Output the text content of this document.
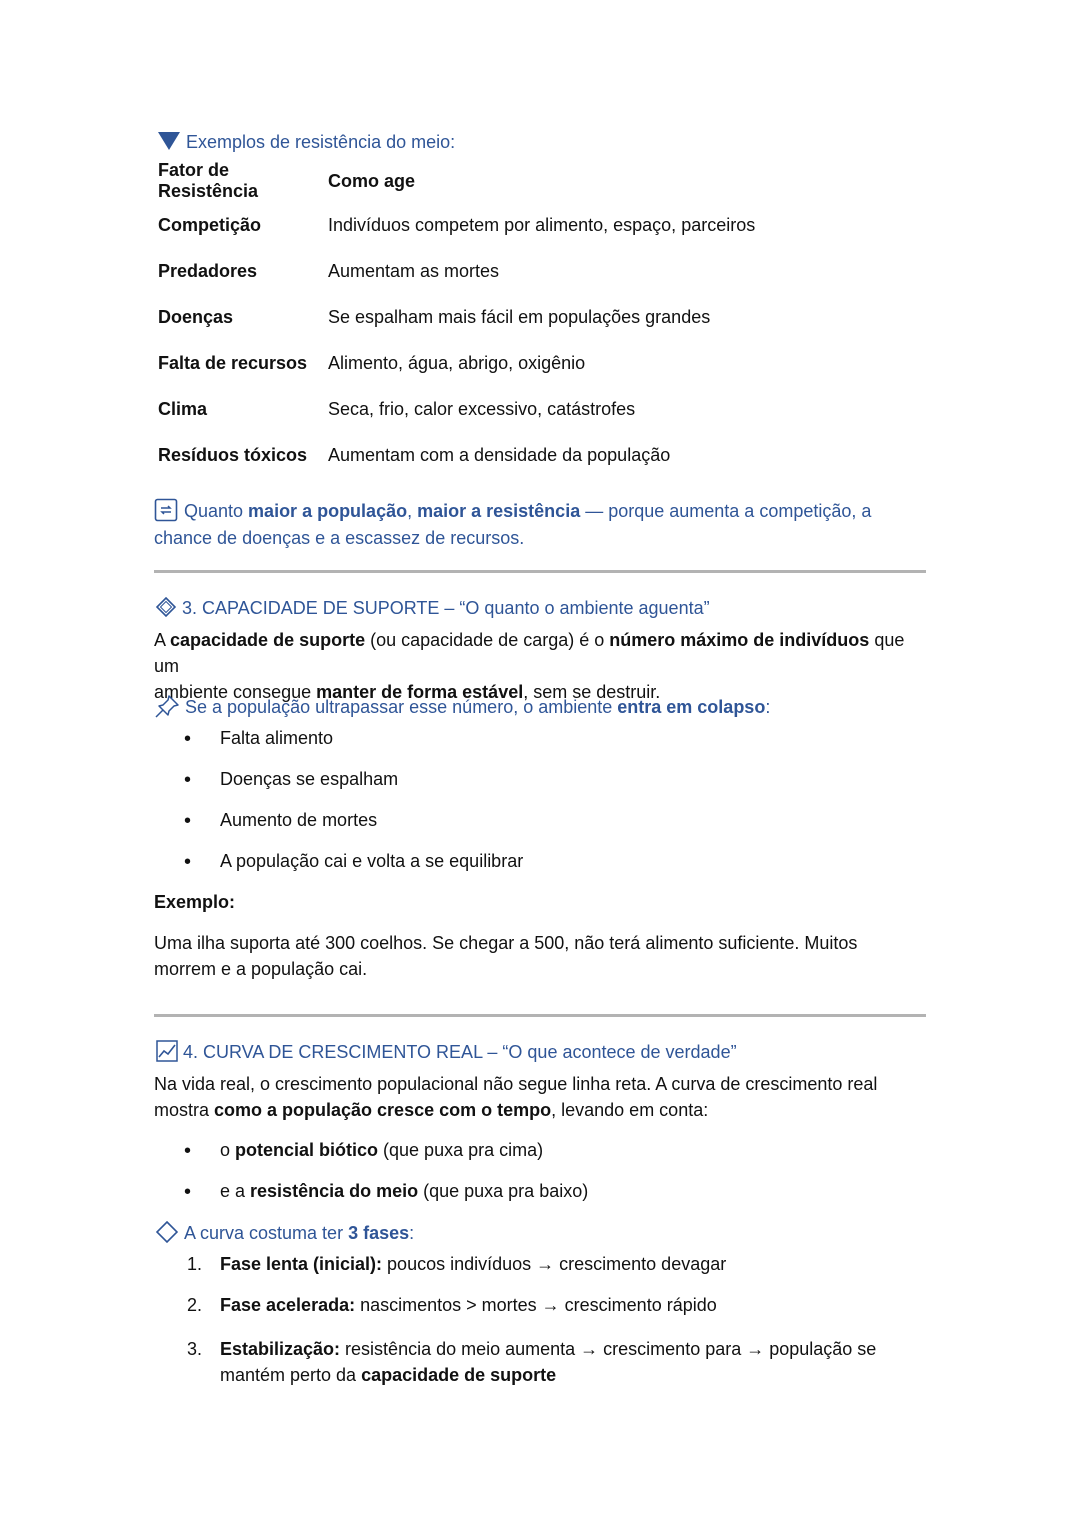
Exemplos de resistência do meio:
Fator de Resistência	Como age
Competição	Indivíduos competem por alimento, espaço, parceiros
Predadores	Aumentam as mortes
Doenças	Se espalham mais fácil em populações grandes
Falta de recursos	Alimento, água, abrigo, oxigênio
Clima	Seca, frio, calor excessivo, catástrofes
Resíduos tóxicos	Aumentam com a densidade da população
Quanto maior a população, maior a resistência — porque aumenta a competição, a
chance de doenças e a escassez de recursos.
3. CAPACIDADE DE SUPORTE – “O quanto o ambiente aguenta”

A capacidade de suporte (ou capacidade de carga) é o número máximo de indivíduos que um
ambiente consegue manter de forma estável, sem se destruir.

Se a população ultrapassar esse número, o ambiente entra em colapso:
• Falta alimento
• Doenças se espalham
• Aumento de mortes
• A população cai e volta a se equilibrar
Exemplo:

Uma ilha suporta até 300 coelhos. Se chegar a 500, não terá alimento suficiente. Muitos
morrem e a população cai.

4. CURVA DE CRESCIMENTO REAL – “O que acontece de verdade”

Na vida real, o crescimento populacional não segue linha reta. A curva de crescimento real
mostra como a população cresce com o tempo, levando em conta:

• o potencial biótico (que puxa pra cima)
• e a resistência do meio (que puxa pra baixo)
A curva costuma ter 3 fases:
1. Fase lenta (inicial): poucos indivíduos → crescimento devagar
2. Fase acelerada: nascimentos > mortes → crescimento rápido
3. Estabilização: resistência do meio aumenta → crescimento para → população se
mantém perto da capacidade de suporte
